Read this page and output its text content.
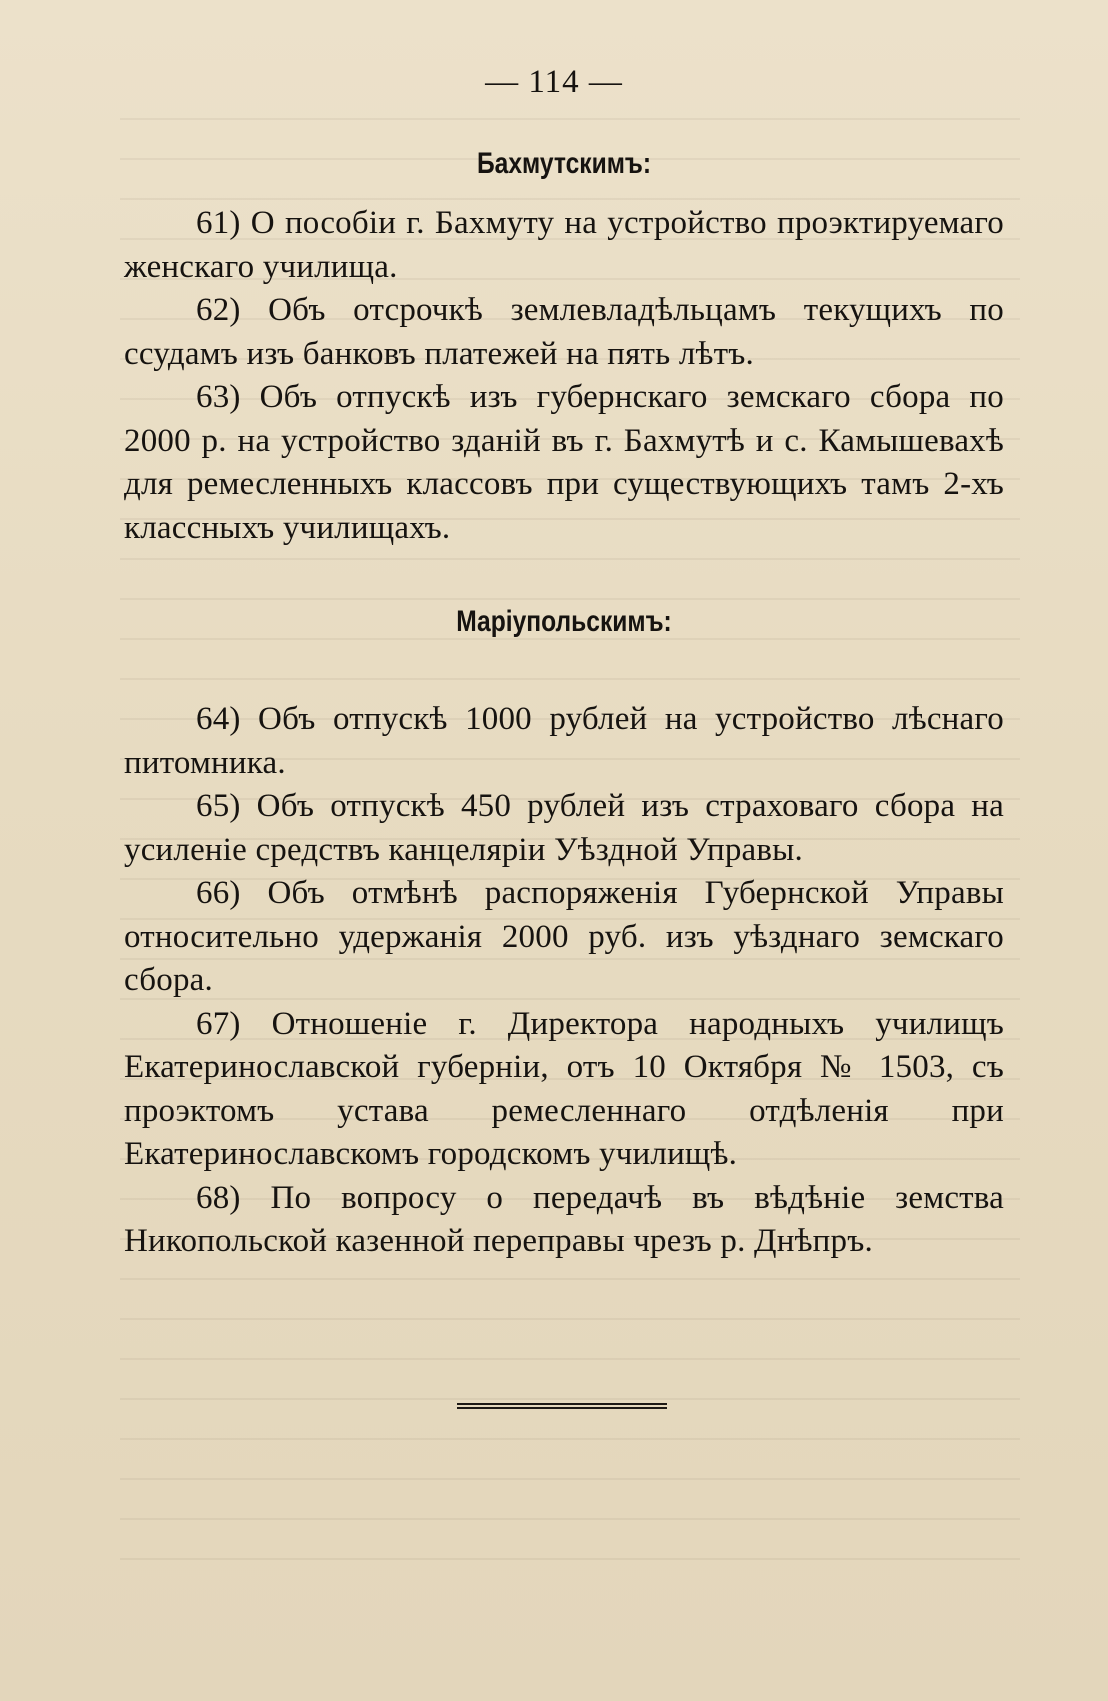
— 114 —
Бахмутскимъ:

61) О пособіи г. Бахмуту на устройство проэктируемаго женскаго училища.

62) Объ отсрочкѣ землевладѣльцамъ текущихъ по ссудамъ изъ банковъ платежей на пять лѣтъ.

63) Объ отпускѣ изъ губернскаго земскаго сбора по 2000 р. на устройство зданій въ г. Бахмутѣ и с. Камышевахѣ для ремесленныхъ классовъ при существующихъ тамъ 2-хъ классныхъ училищахъ.

Маріупольскимъ:

64) Объ отпускѣ 1000 рублей на устройство лѣснаго питомника.

65) Объ отпускѣ 450 рублей изъ страховаго сбора на усиленіе средствъ канцеляріи Уѣздной Управы.

66) Объ отмѣнѣ распоряженія Губернской Управы относительно удержанія 2000 руб. изъ уѣзднаго земскаго сбора.

67) Отношеніе г. Директора народныхъ училищъ Екатеринославской губерніи, отъ 10 Октября № 1503, съ проэктомъ устава ремесленнаго отдѣленія при Екатеринославскомъ городскомъ училищѣ.

68) По вопросу о передачѣ въ вѣдѣніе земства Никопольской казенной переправы чрезъ р. Днѣпръ.
